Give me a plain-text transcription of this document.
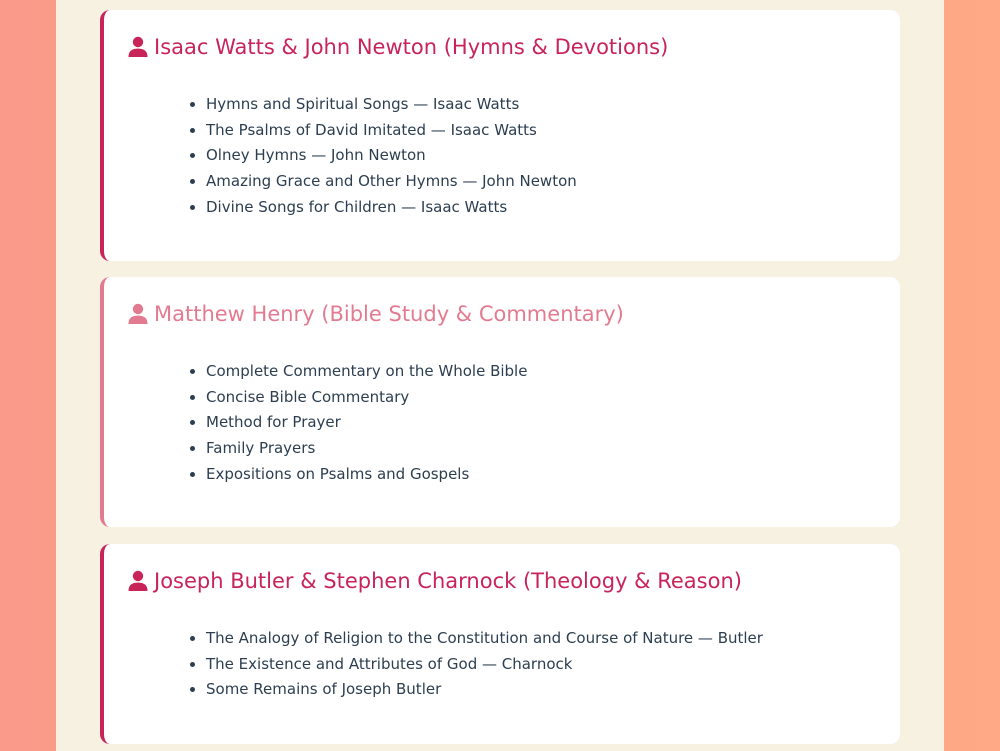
Isaac Watts & John Newton (Hymns & Devotions)
• Hymns and Spiritual Songs — Isaac Watts
• The Psalms of David Imitated — Isaac Watts
• Olney Hymns — John Newton
• Amazing Grace and Other Hymns — John Newton
• Divine Songs for Children — Isaac Watts
Matthew Henry (Bible Study & Commentary)
• Complete Commentary on the Whole Bible
• Concise Bible Commentary
• Method for Prayer
• Family Prayers
• Expositions on Psalms and Gospels
Joseph Butler & Stephen Charnock (Theology & Reason)
• The Analogy of Religion to the Constitution and Course of Nature — Butler
• The Existence and Attributes of God — Charnock
• Some Remains of Joseph Butler
